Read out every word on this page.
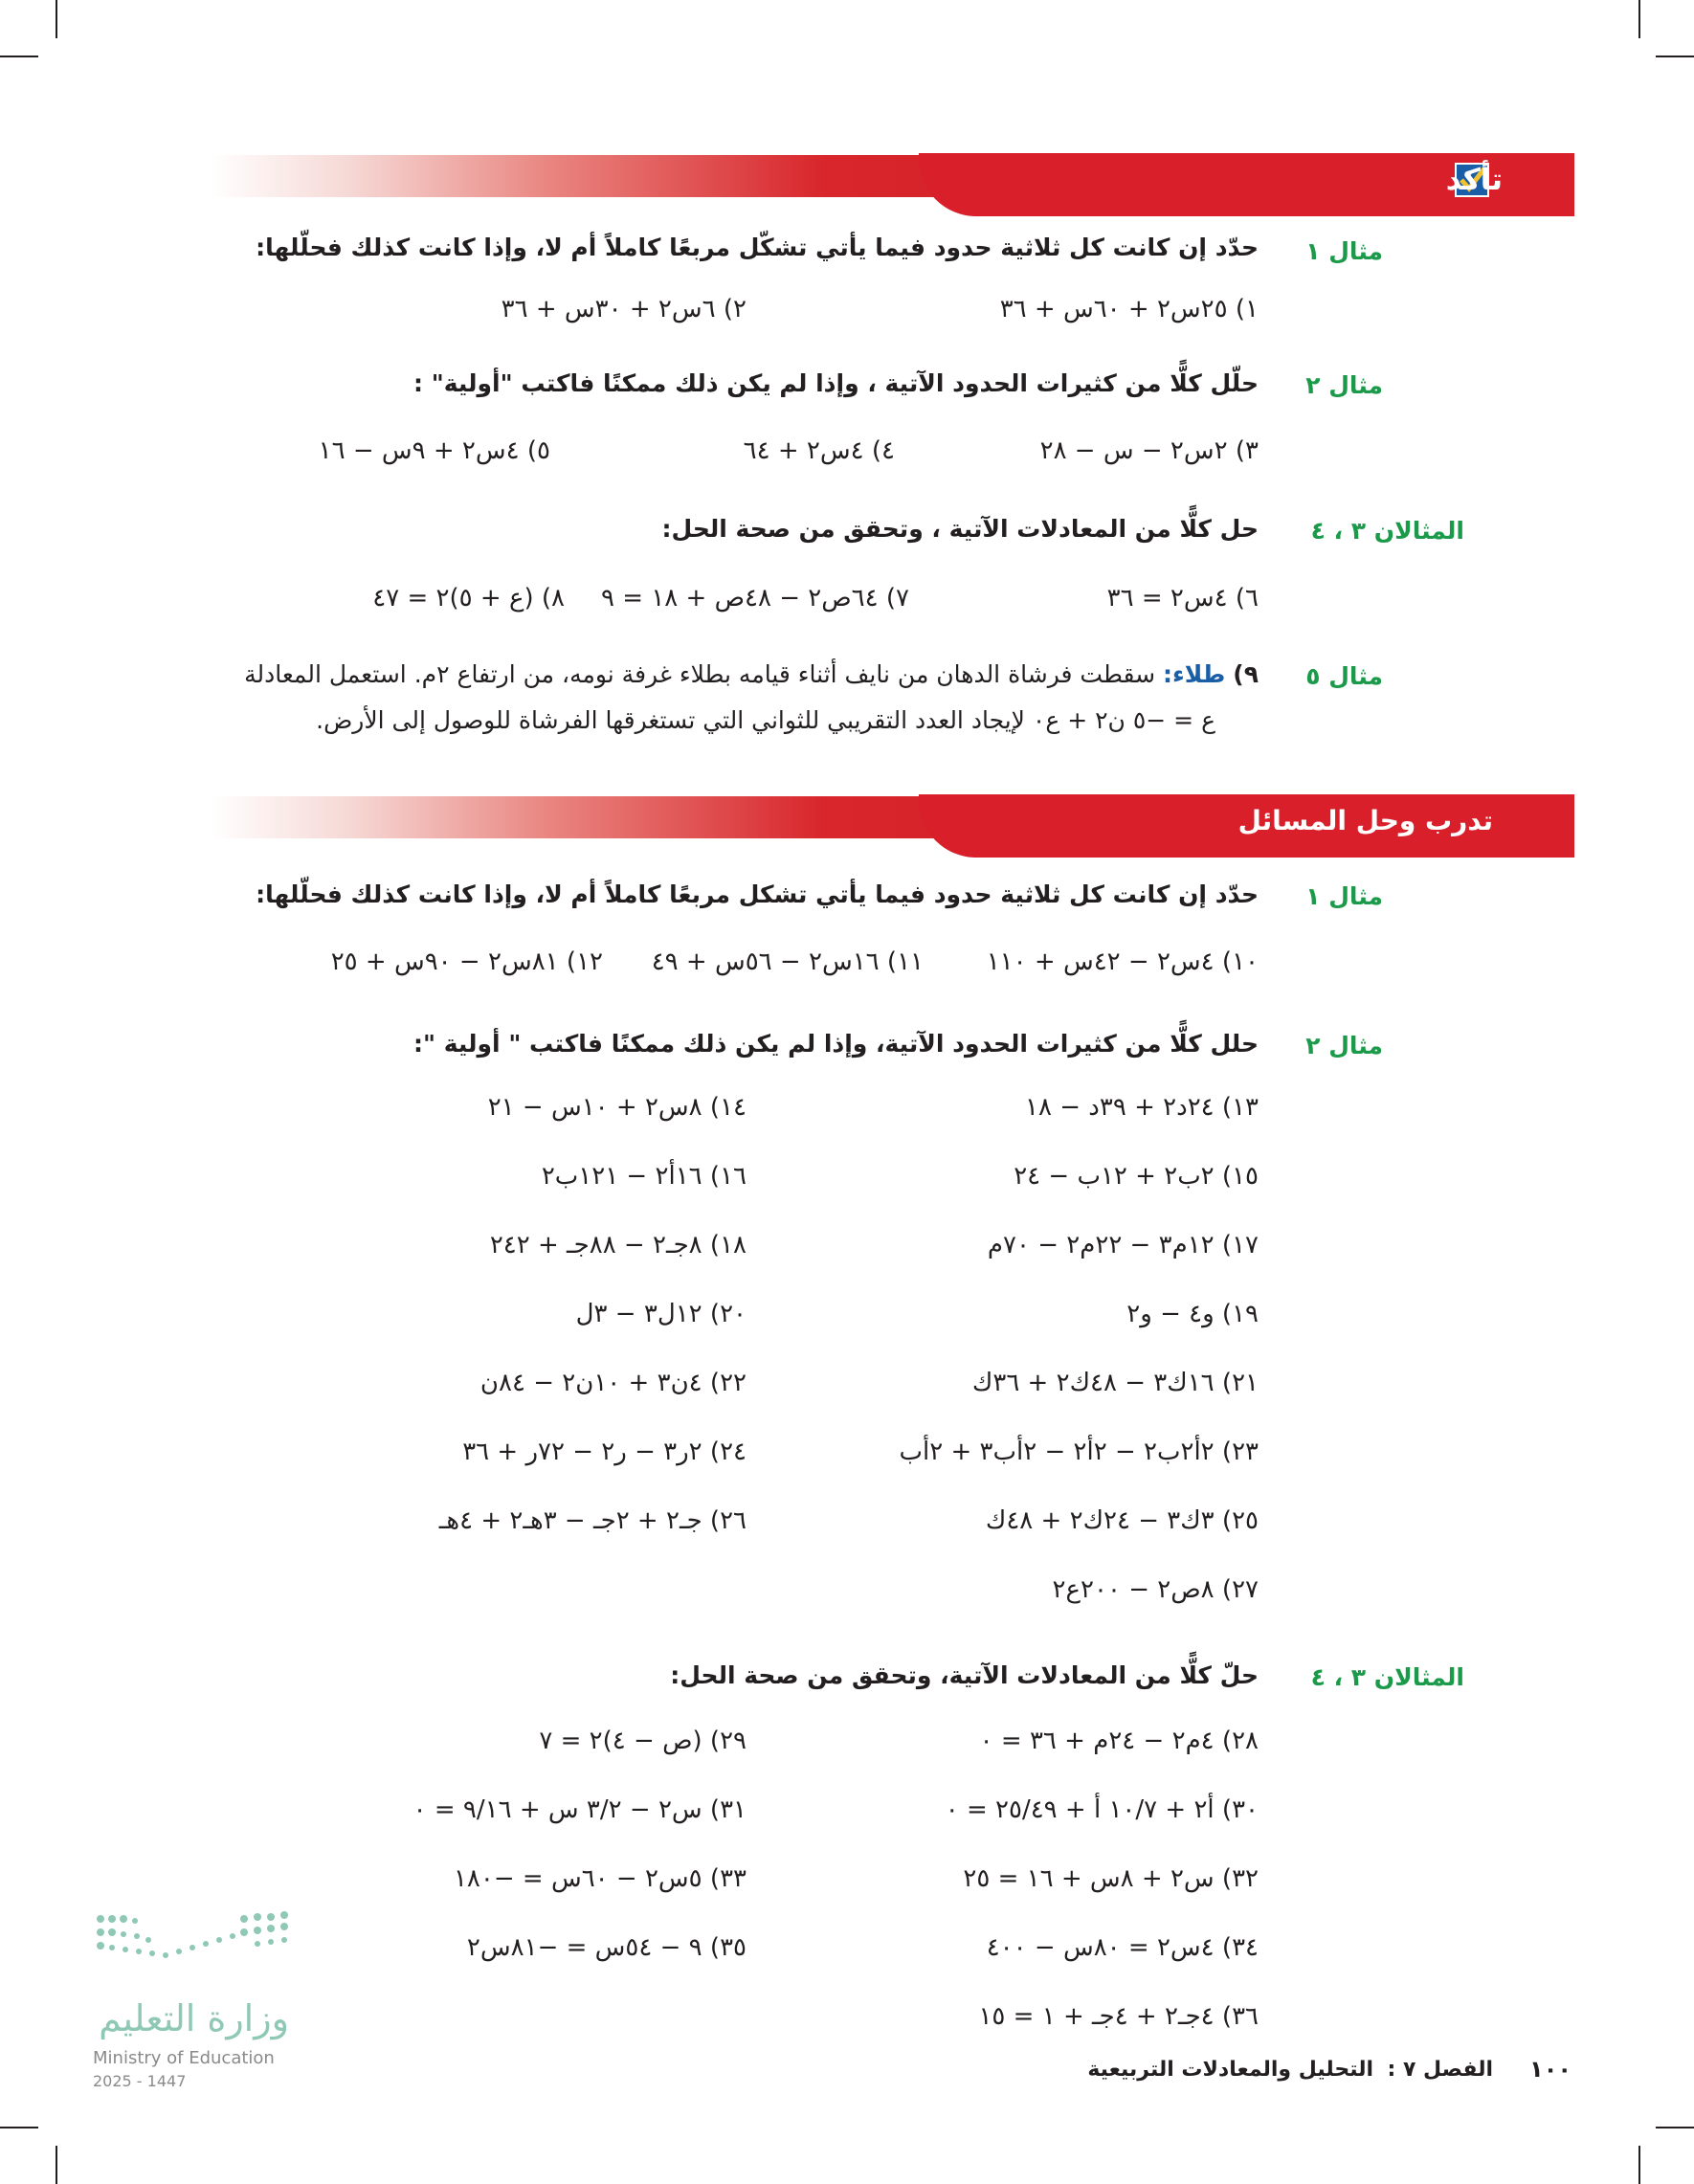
تأكد
مثال ١
حدّد إن كانت كل ثلاثية حدود فيما يأتي تشكّل مربعًا كاملاً أم لا، وإذا كانت كذلك فحلّلها:
١) ٢٥س٢ + ٦٠س + ٣٦
٢) ٦س٢ + ٣٠س + ٣٦
مثال ٢
حلّل كلًّا من كثيرات الحدود الآتية ، وإذا لم يكن ذلك ممكنًا فاكتب "أولية" :
٣) ٢س٢ − س − ٢٨
٤) ٤س٢ + ٦٤
٥) ٤س٢ + ٩س − ١٦
المثالان ٣ ، ٤
حل كلًّا من المعادلات الآتية ، وتحقق من صحة الحل:
٦) ٤س٢ = ٣٦
٧) ٦٤ص٢ − ٤٨ص + ١٨ = ٩
٨) (ع + ٥)٢ = ٤٧
مثال ٥
٩) طلاء: سقطت فرشاة الدهان من نايف أثناء قيامه بطلاء غرفة نومه، من ارتفاع ٢م. استعمل المعادلة
ع = −٥ ن٢ + ع٠ لإيجاد العدد التقريبي للثواني التي تستغرقها الفرشاة للوصول إلى الأرض.
تدرب وحل المسائل
مثال ١
حدّد إن كانت كل ثلاثية حدود فيما يأتي تشكل مربعًا كاملاً أم لا، وإذا كانت كذلك فحلّلها:
١٠) ٤س٢ − ٤٢س + ١١٠
١١) ١٦س٢ − ٥٦س + ٤٩
١٢) ٨١س٢ − ٩٠س + ٢٥
مثال ٢
حلل كلًّا من كثيرات الحدود الآتية، وإذا لم يكن ذلك ممكنًا فاكتب " أولية ":
١٣) ٢٤د٢ + ٣٩د − ١٨
١٥) ٢ب٢ + ١٢ب − ٢٤
١٧) ١٢م٣ − ٢٢م٢ − ٧٠م
١٩) و٤ − و٢
٢١) ١٦ك٣ − ٤٨ك٢ + ٣٦ك
٢٣) ٢أ٢ب٢ − ٢أ٢ − ٢أب٣ + ٢أب
٢٥) ٣ك٣ − ٢٤ك٢ + ٤٨ك
٢٧) ٨ص٢ − ٢٠٠ع٢
١٤) ٨س٢ + ١٠س − ٢١
١٦) ١٦أ٢ − ١٢١ب٢
١٨) ٨جـ٢ − ٨٨جـ + ٢٤٢
٢٠) ١٢ل٣ − ٣ل
٢٢) ٤ن٣ + ١٠ن٢ − ٨٤ن
٢٤) ٢ر٣ − ر٢ − ٧٢ر + ٣٦
٢٦) جـ٢ + ٢جـ − ٣هـ٢ + ٤هـ
المثالان ٣ ، ٤
حلّ كلًّا من المعادلات الآتية، وتحقق من صحة الحل:
٢٨) ٤م٢ − ٢٤م + ٣٦ = ٠
٣٠) أ٢ + ١٠/٧ أ + ٢٥/٤٩ = ٠
٣٢) س٢ + ٨س + ١٦ = ٢٥
٣٤) ٤س٢ = ٨٠س − ٤٠٠
٣٦) ٤جـ٢ + ٤جـ + ١ = ١٥
٢٩) (ص − ٤)٢ = ٧
٣١) س٢ − ٣/٢ س + ٩/١٦ = ٠
٣٣) ٥س٢ − ٦٠س = −١٨٠
٣٥) ٩ − ٥٤س = −٨١س٢
وزارة التعليم
Ministry of Education
2025 - 1447	١٠٠
الفصل ٧ :
التحليل والمعادلات التربيعية
